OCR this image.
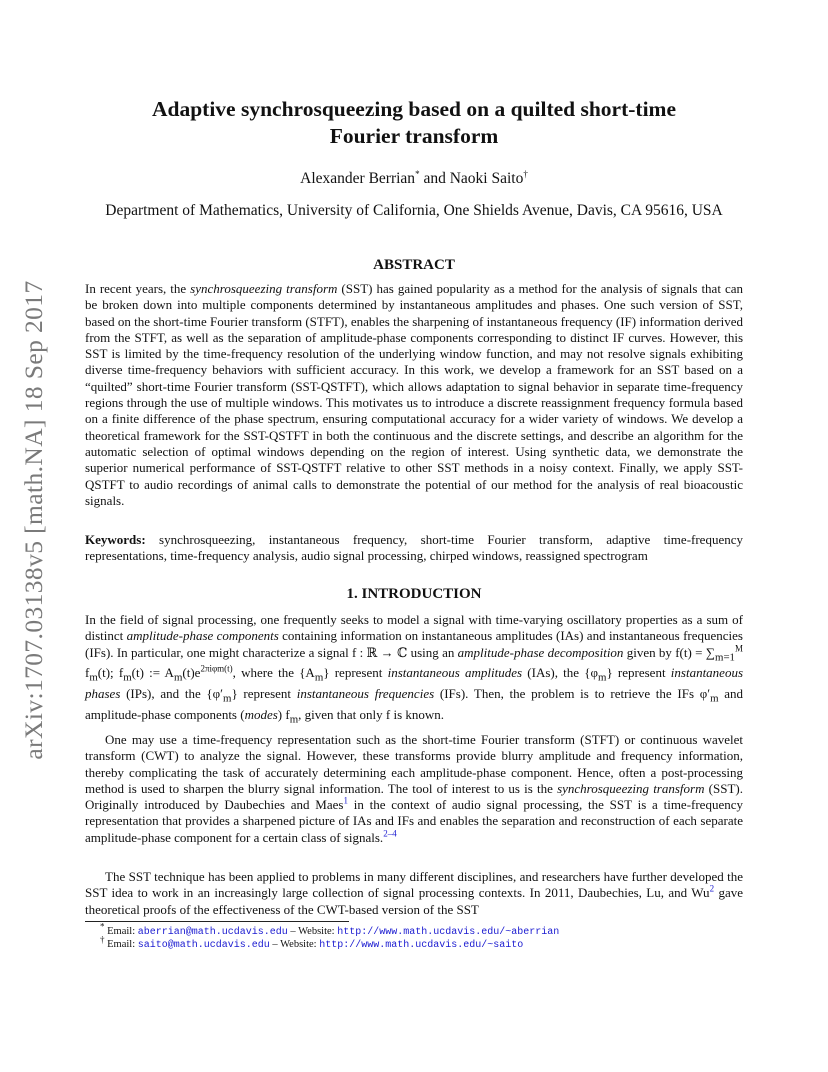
arXiv:1707.03138v5 [math.NA] 18 Sep 2017
Adaptive synchrosqueezing based on a quilted short-time
Fourier transform
Alexander Berrian* and Naoki Saito†
Department of Mathematics, University of California, One Shields Avenue, Davis, CA 95616, USA
ABSTRACT
In recent years, the synchrosqueezing transform (SST) has gained popularity as a method for the analysis of signals that can be broken down into multiple components determined by instantaneous amplitudes and phases. One such version of SST, based on the short-time Fourier transform (STFT), enables the sharpening of instantaneous frequency (IF) information derived from the STFT, as well as the separation of amplitude-phase components corresponding to distinct IF curves. However, this SST is limited by the time-frequency resolution of the underlying window function, and may not resolve signals exhibiting diverse time-frequency behaviors with sufficient accuracy. In this work, we develop a framework for an SST based on a “quilted” short-time Fourier transform (SST-QSTFT), which allows adaptation to signal behavior in separate time-frequency regions through the use of multiple windows. This motivates us to introduce a discrete reassignment frequency formula based on a finite difference of the phase spectrum, ensuring computational accuracy for a wider variety of windows. We develop a theoretical framework for the SST-QSTFT in both the continuous and the discrete settings, and describe an algorithm for the automatic selection of optimal windows depending on the region of interest. Using synthetic data, we demonstrate the superior numerical performance of SST-QSTFT relative to other SST methods in a noisy context. Finally, we apply SST-QSTFT to audio recordings of animal calls to demonstrate the potential of our method for the analysis of real bioacoustic signals.
Keywords: synchrosqueezing, instantaneous frequency, short-time Fourier transform, adaptive time-frequency representations, time-frequency analysis, audio signal processing, chirped windows, reassigned spectrogram
1. INTRODUCTION
In the field of signal processing, one frequently seeks to model a signal with time-varying oscillatory properties as a sum of distinct amplitude-phase components containing information on instantaneous amplitudes (IAs) and instantaneous frequencies (IFs). In particular, one might characterize a signal f : ℝ → ℂ using an amplitude-phase decomposition given by $f(t) = \sum_{m=1}^M$ $f_m(t)$; $f_m(t)$ := $A_m(t)e^{2\pi i\varphi m(t)}$, where the $\{A_m\}$ represent instantaneous amplitudes (IAs), the $\{\varphi_m\}$ represent instantaneous phases (IPs), and the $\{\varphi'_m\}$ represent instantaneous frequencies (IFs). Then, the problem is to retrieve the IFs $\varphi'_m$ and amplitude-phase components (modes) $f_m$, given that only f is known.
One may use a time-frequency representation such as the short-time Fourier transform (STFT) or continuous wavelet transform (CWT) to analyze the signal. However, these transforms provide blurry amplitude and frequency information, thereby complicating the task of accurately determining each amplitude-phase component. Hence, often a post-processing method is used to sharpen the blurry signal information. The tool of interest to us is the synchrosqueezing transform (SST). Originally introduced by Daubechies and Maes$^1$ in the context of audio signal processing, the SST is a time-frequency representation that provides a sharpened picture of IAs and IFs and enables the separation and reconstruction of each separate amplitude-phase component for a certain class of signals.$^{2-4}$
The SST technique has been applied to problems in many different disciplines, and researchers have further developed the SST idea to work in an increasingly large collection of signal processing contexts. In 2011, Daubechies, Lu, and Wu$^2$ gave theoretical proofs of the effectiveness of the CWT-based version of the SST
* Email: aberrian@math.ucdavis.edu – Website: http://www.math.ucdavis.edu/~aberrian
† Email: saito@math.ucdavis.edu – Website: http://www.math.ucdavis.edu/~saito
